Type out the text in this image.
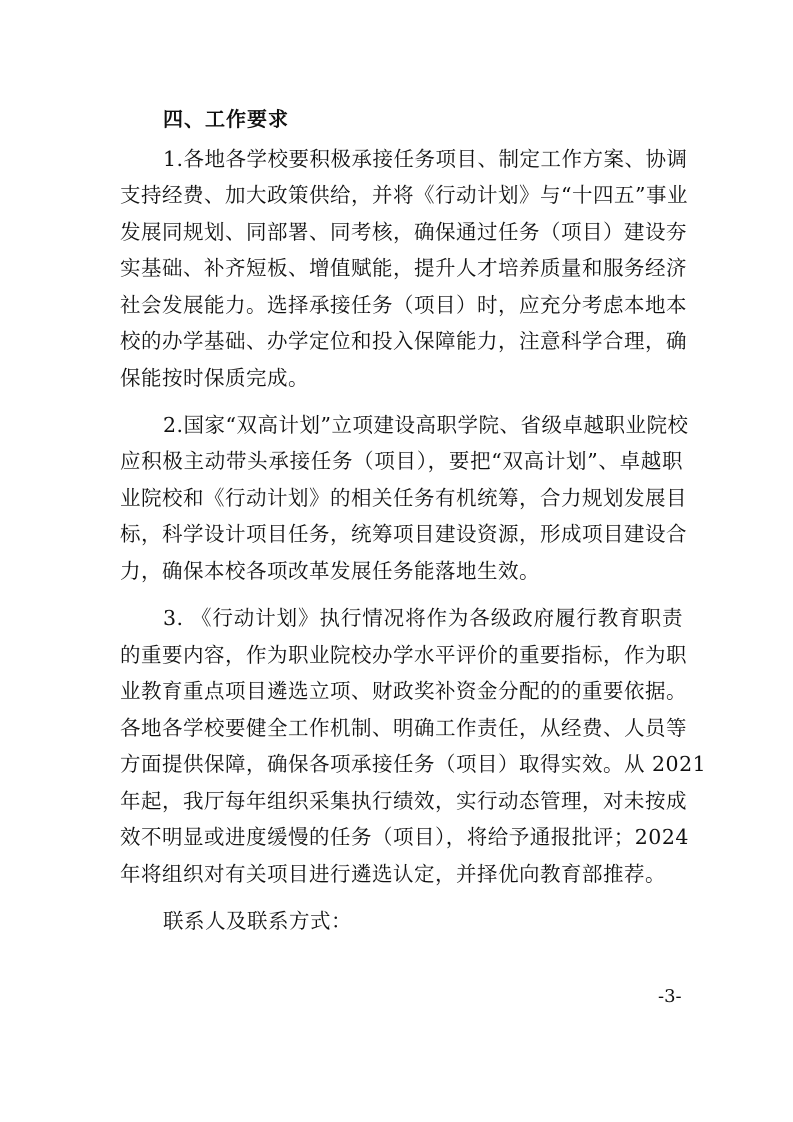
四、工作要求

1.各地各学校要积极承接任务项目、制定工作方案、协调

支持经费、加大政策供给，并将《行动计划》与“十四五”事业

发展同规划、同部署、同考核，确保通过任务（项目）建设夯

实基础、补齐短板、增值赋能，提升人才培养质量和服务经济

社会发展能力。选择承接任务（项目）时，应充分考虑本地本

校的办学基础、办学定位和投入保障能力，注意科学合理，确

保能按时保质完成。

2.国家“双高计划”立项建设高职学院、省级卓越职业院校

应积极主动带头承接任务（项目），要把“双高计划”、卓越职

业院校和《行动计划》的相关任务有机统筹，合力规划发展目

标，科学设计项目任务，统筹项目建设资源，形成项目建设合

力，确保本校各项改革发展任务能落地生效。

3. 《行动计划》执行情况将作为各级政府履行教育职责

的重要内容，作为职业院校办学水平评价的重要指标，作为职

业教育重点项目遴选立项、财政奖补资金分配的的重要依据。

各地各学校要健全工作机制、明确工作责任，从经费、人员等

方面提供保障，确保各项承接任务（项目）取得实效。从 2021

年起，我厅每年组织采集执行绩效，实行动态管理，对未按成

效不明显或进度缓慢的任务（项目），将给予通报批评；2024

年将组织对有关项目进行遴选认定，并择优向教育部推荐。

联系人及联系方式：

-3-
